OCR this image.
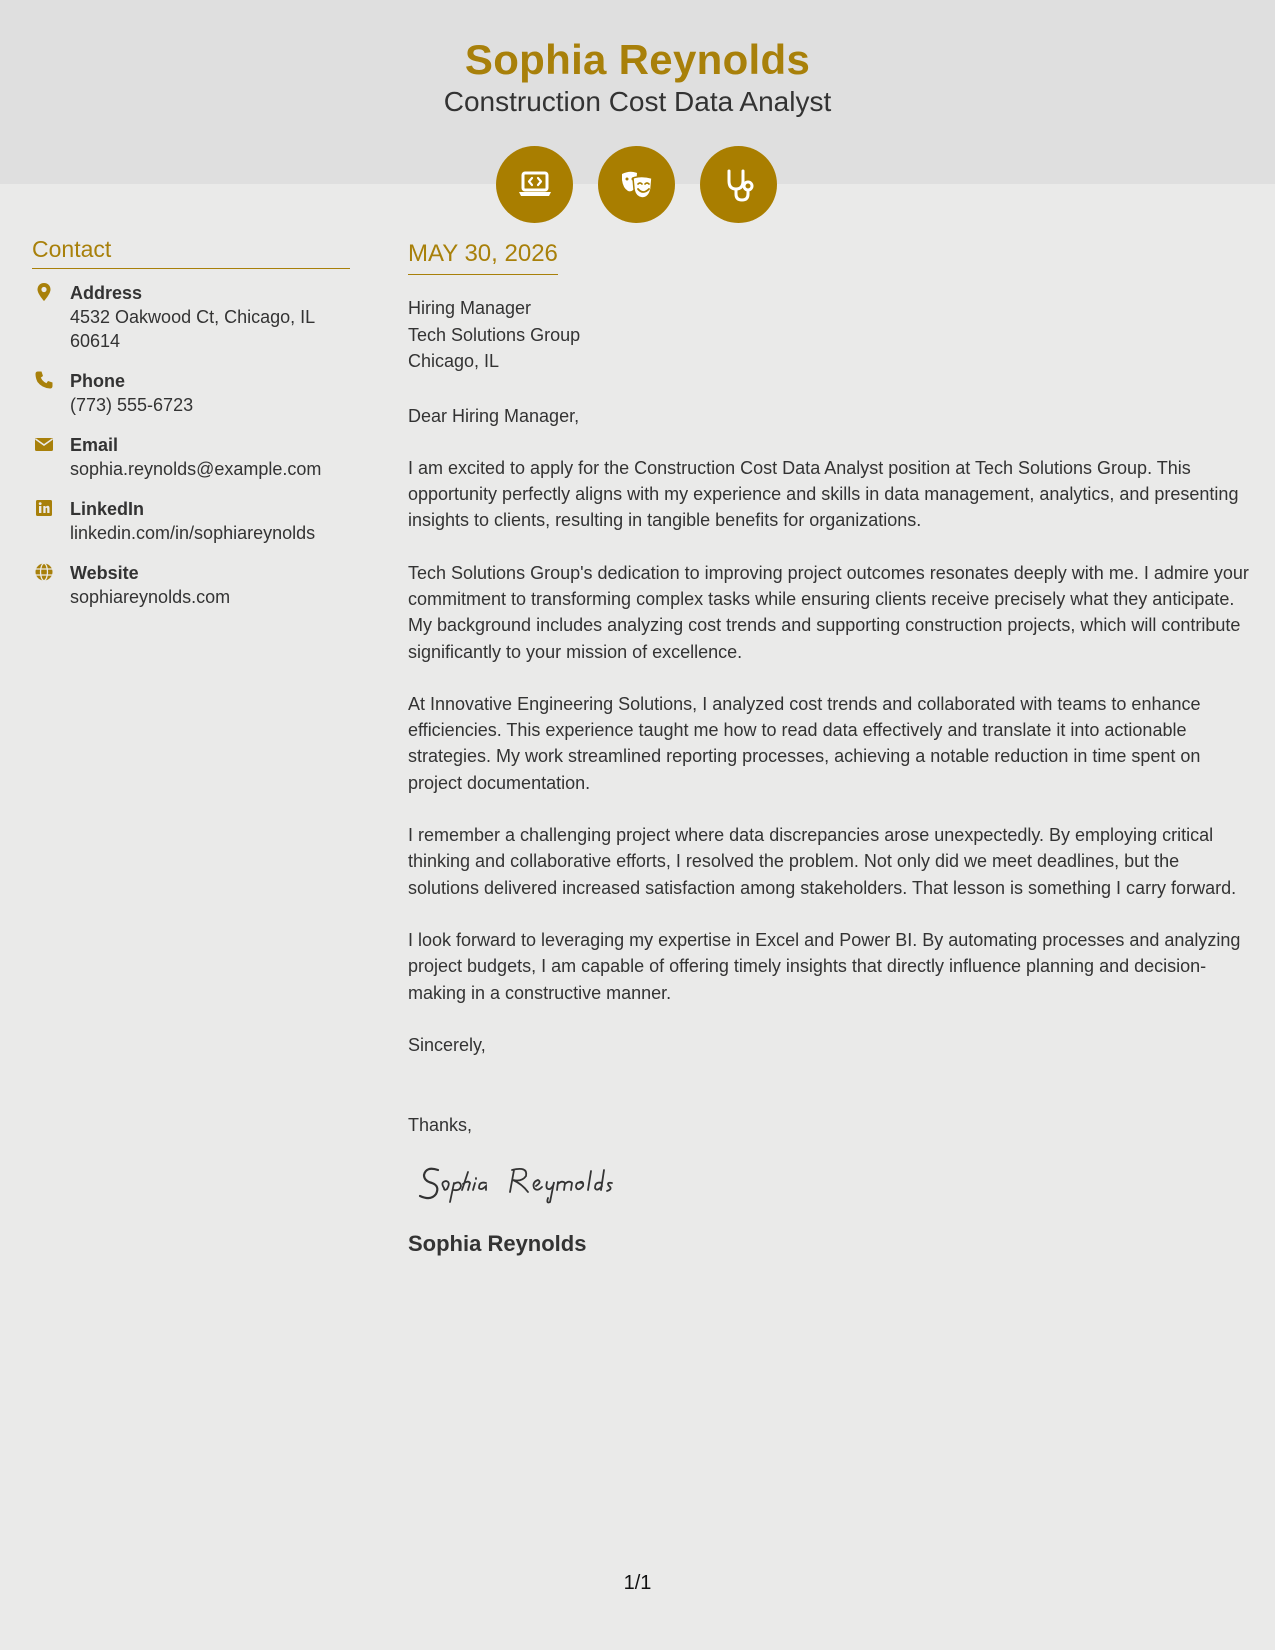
Sophia Reynolds
Construction Cost Data Analyst
Contact
Address
4532 Oakwood Ct, Chicago, IL 60614
Phone
(773) 555-6723
Email
sophia.reynolds@example.com
LinkedIn
linkedin.com/in/sophiareynolds
Website
sophiareynolds.com
MAY 30, 2026
Hiring Manager
Tech Solutions Group
Chicago, IL

Dear Hiring Manager,

I am excited to apply for the Construction Cost Data Analyst position at Tech Solutions Group. This opportunity perfectly aligns with my experience and skills in data management, analytics, and presenting insights to clients, resulting in tangible benefits for organizations.

Tech Solutions Group's dedication to improving project outcomes resonates deeply with me. I admire your commitment to transforming complex tasks while ensuring clients receive precisely what they anticipate. My background includes analyzing cost trends and supporting construction projects, which will contribute significantly to your mission of excellence.

At Innovative Engineering Solutions, I analyzed cost trends and collaborated with teams to enhance efficiencies. This experience taught me how to read data effectively and translate it into actionable strategies. My work streamlined reporting processes, achieving a notable reduction in time spent on project documentation.

I remember a challenging project where data discrepancies arose unexpectedly. By employing critical thinking and collaborative efforts, I resolved the problem. Not only did we meet deadlines, but the solutions delivered increased satisfaction among stakeholders. That lesson is something I carry forward.

I look forward to leveraging my expertise in Excel and Power BI. By automating processes and analyzing project budgets, I am capable of offering timely insights that directly influence planning and decision-making in a constructive manner.

Sincerely,

Thanks,

Sophia Reynolds
1/1
